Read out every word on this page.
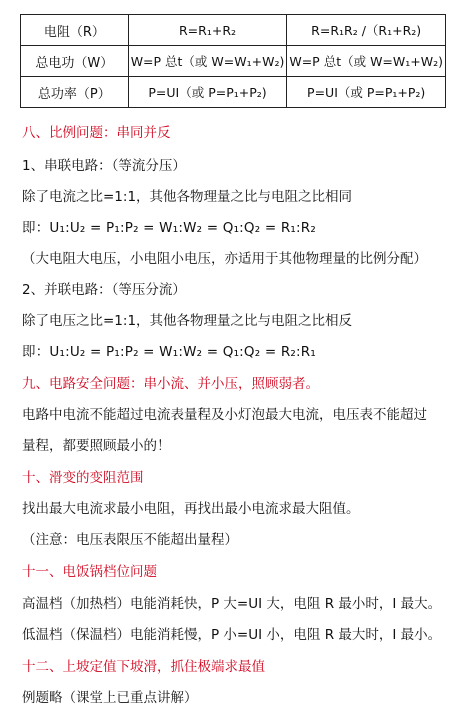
电阻（R）	R=R₁+R₂	R=R₁R₂ /（R₁+R₂)
总电功（W）	W=P 总t（或 W=W₁+W₂)	W=P 总t（或 W=W₁+W₂)
总功率（P）	P=UI（或 P=P₁+P₂)	P=UI（或 P=P₁+P₂)
八、比例问题：串同并反
1、串联电路：（等流分压）
除了电流之比=1:1，其他各物理量之比与电阻之比相同
即：U₁:U₂ = P₁:P₂ = W₁:W₂ = Q₁:Q₂ = R₁:R₂
（大电阻大电压，小电阻小电压，亦适用于其他物理量的比例分配）
2、并联电路：（等压分流）
除了电压之比=1:1，其他各物理量之比与电阻之比相反
即：U₁:U₂ = P₁:P₂ = W₁:W₂ = Q₁:Q₂ = R₂:R₁
九、电路安全问题：串小流、并小压，照顾弱者。
电路中电流不能超过电流表量程及小灯泡最大电流，电压表不能超过
量程，都要照顾最小的！
十、滑变的变阻范围
找出最大电流求最小电阻，再找出最小电流求最大阻值。
（注意：电压表限压不能超出量程）
十一、电饭锅档位问题
高温档（加热档）电能消耗快，P 大=UI 大，电阻 R 最小时，I 最大。
低温档（保温档）电能消耗慢，P 小=UI 小，电阻 R 最大时，I 最小。
十二、上坡定值下坡滑，抓住极端求最值
例题略（课堂上已重点讲解）
